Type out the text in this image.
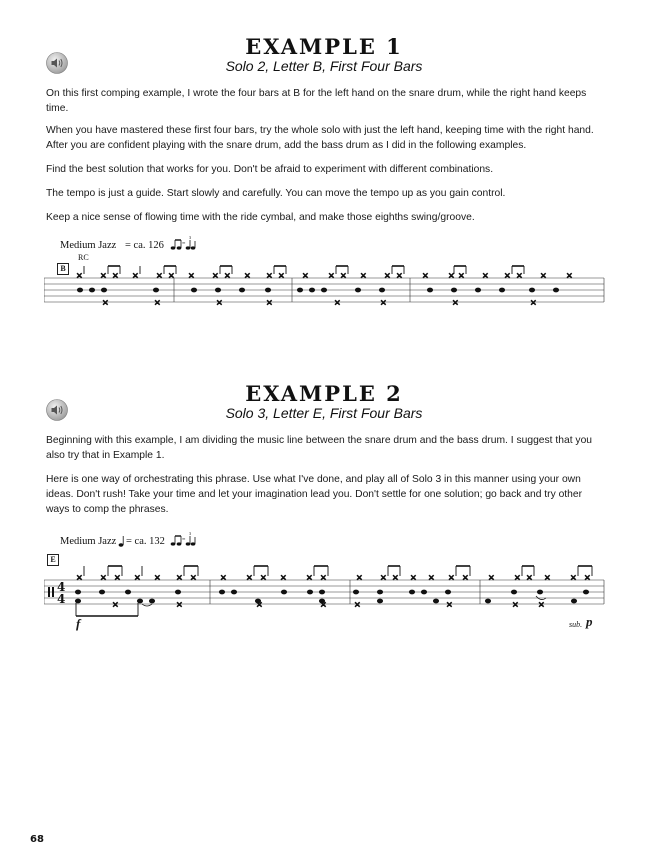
EXAMPLE 1
Solo 2, Letter B, First Four Bars
On this first comping example, I wrote the four bars at B for the left hand on the snare drum, while the right hand keeps time.
When you have mastered these first four bars, try the whole solo with just the left hand, keeping time with the right hand. After you are confident playing with the snare drum, add the bass drum as I did in the following examples.
Find the best solution that works for you. Don't be afraid to experiment with different combinations.
The tempo is just a guide. Start slowly and carefully. You can move the tempo up as you gain control.
Keep a nice sense of flowing time with the ride cymbal, and make those eighths swing/groove.
Medium Jazz = ca. 126	=
3
RC
B
× × × × × ×
×	×
× × × × × ×
×	×
× × × × × ×
×	×
× × × × × × × ×
×	×
EXAMPLE 2
Solo 3, Letter E, First Four Bars
Beginning with this example, I am dividing the music line between the snare drum and the bass drum. I suggest that you also try that in Example 1.
Here is one way of orchestrating this phrase. Use what I've done, and play all of Solo 3 in this manner using your own ideas. Don't rush! Take your time and let your imagination lead you. Don't settle for one solution; go back and try other ways to comp the phrases.
Medium Jazz = ca. 132	=
3
E
4
4
× × × × × × ×
×	×
× × × × × ×
×	×
× × × × × × ×
×	×
× × × × × ×
× ×
f	sub. p
68
